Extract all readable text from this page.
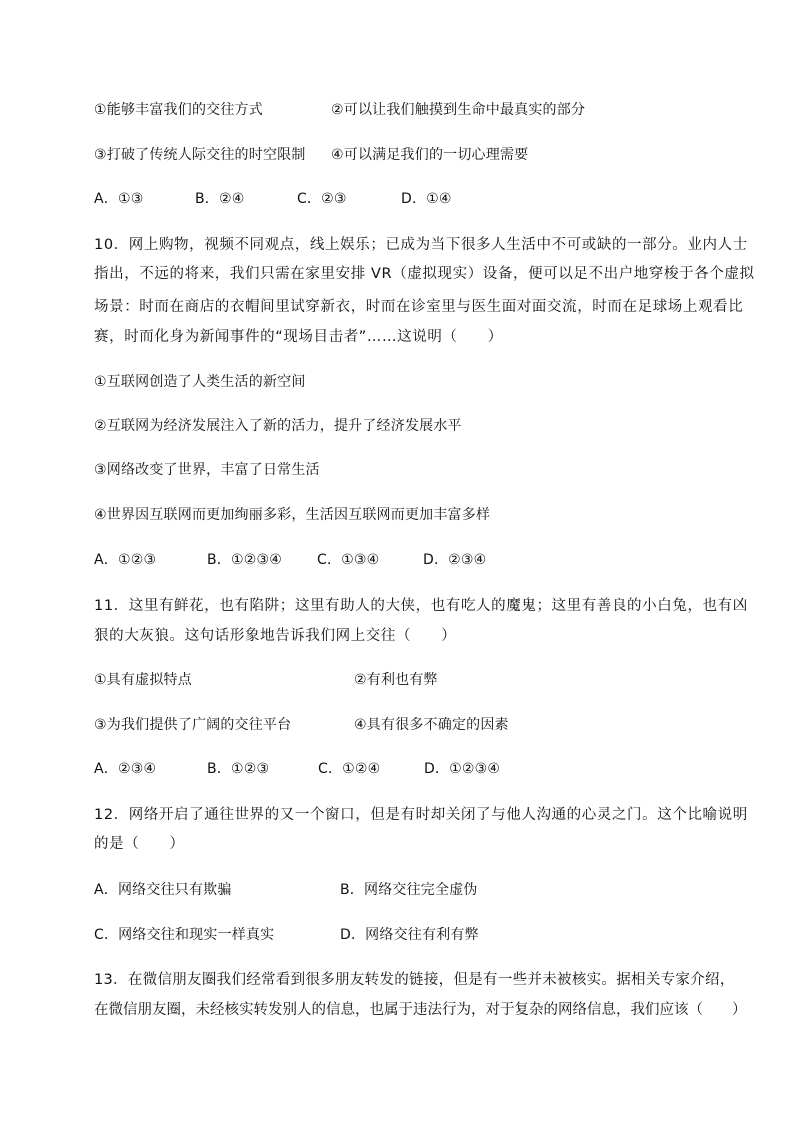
①能够丰富我们的交往方式	②可以让我们触摸到生命中最真实的部分
③打破了传统人际交往的时空限制 ④可以满足我们的一切心理需要
A．①③	B．②④	C．②③	D．①④
10．网上购物，视频不同观点，线上娱乐；已成为当下很多人生活中不可或缺的一部分。业内人士
指出，不远的将来，我们只需在家里安排 VR（虚拟现实）设备，便可以足不出户地穿梭于各个虚拟
场景：时而在商店的衣帽间里试穿新衣，时而在诊室里与医生面对面交流，时而在足球场上观看比
赛，时而化身为新闻事件的“现场目击者”……这说明（　　）
①互联网创造了人类生活的新空间
②互联网为经济发展注入了新的活力，提升了经济发展水平
③网络改变了世界，丰富了日常生活
④世界因互联网而更加绚丽多彩，生活因互联网而更加丰富多样
A．①②③	B．①②③④ C．①③④	D．②③④
11．这里有鲜花，也有陷阱；这里有助人的大侠，也有吃人的魔鬼；这里有善良的小白兔，也有凶
狠的大灰狼。这句话形象地告诉我们网上交往（　　）
①具有虚拟特点	②有利也有弊
③为我们提供了广阔的交往平台	④具有很多不确定的因素
A．②③④	B．①②③	C．①②④	D．①②③④
12．网络开启了通往世界的又一个窗口，但是有时却关闭了与他人沟通的心灵之门。这个比喻说明
的是（　　）
A．网络交往只有欺骗	B．网络交往完全虚伪
C．网络交往和现实一样真实	D．网络交往有利有弊
13．在微信朋友圈我们经常看到很多朋友转发的链接，但是有一些并未被核实。据相关专家介绍，
在微信朋友圈，未经核实转发别人的信息，也属于违法行为，对于复杂的网络信息，我们应该（　　）
